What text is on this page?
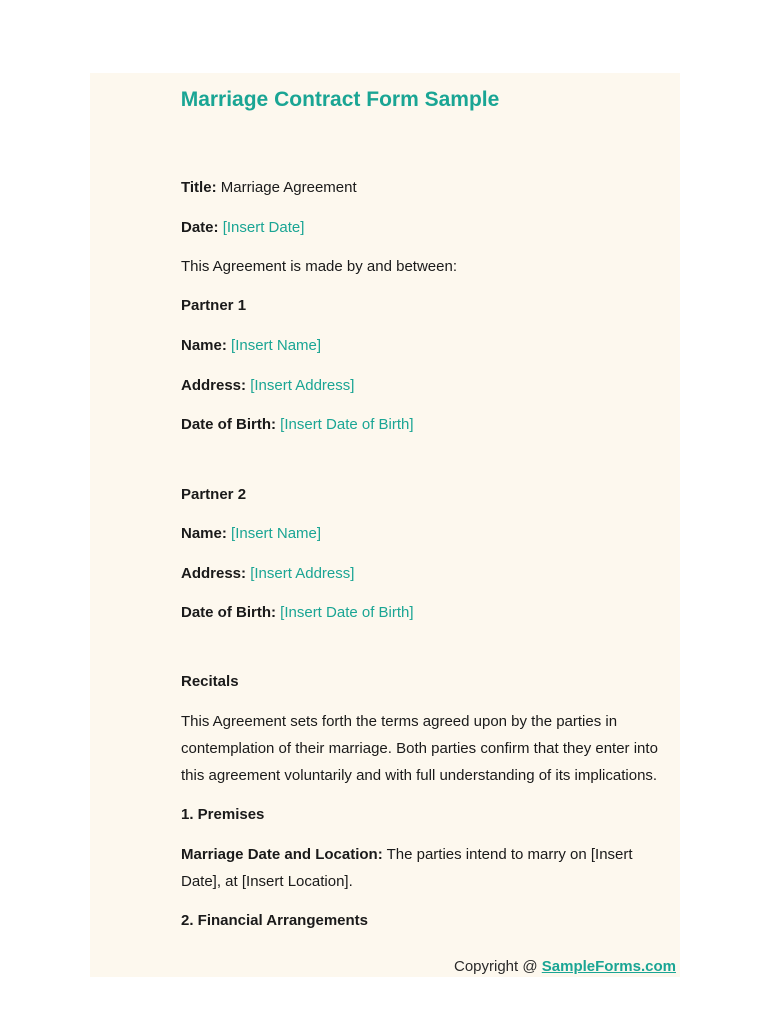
Marriage Contract Form Sample

Title: Marriage Agreement

Date: [Insert Date]

This Agreement is made by and between:

Partner 1

Name: [Insert Name]

Address: [Insert Address]

Date of Birth: [Insert Date of Birth]

Partner 2

Name: [Insert Name]

Address: [Insert Address]

Date of Birth: [Insert Date of Birth]

Recitals

This Agreement sets forth the terms agreed upon by the parties in contemplation of their marriage. Both parties confirm that they enter into this agreement voluntarily and with full understanding of its implications.

1. Premises

Marriage Date and Location: The parties intend to marry on [Insert Date], at [Insert Location].

2. Financial Arrangements

Copyright @ SampleForms.com
